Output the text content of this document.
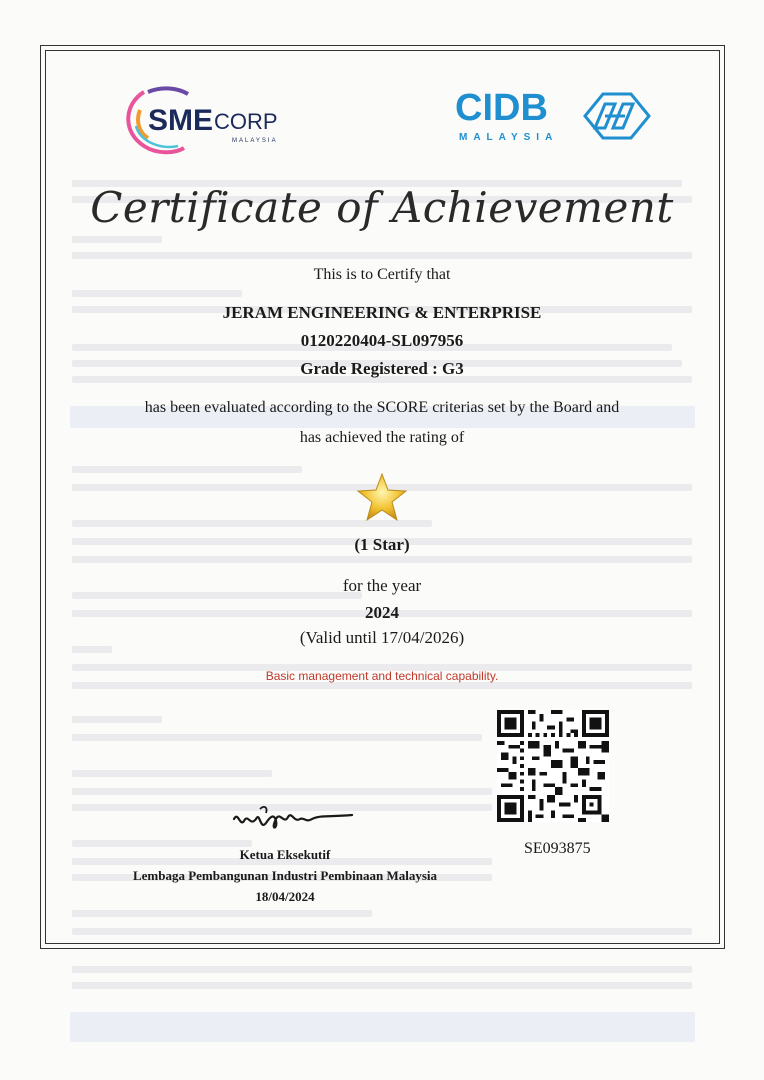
SME CORP
MALAYSIA
CIDB
MALAYSIA
Certificate of Achievement
This is to Certify that
JERAM ENGINEERING & ENTERPRISE
0120220404-SL097956
Grade Registered : G3
has been evaluated according to the SCORE criterias set by the Board and
has achieved the rating of
(1 Star)
for the year
2024
(Valid until 17/04/2026)
Basic management and technical capability.
SE093875
Ketua Eksekutif
Lembaga Pembangunan Industri Pembinaan Malaysia
18/04/2024
